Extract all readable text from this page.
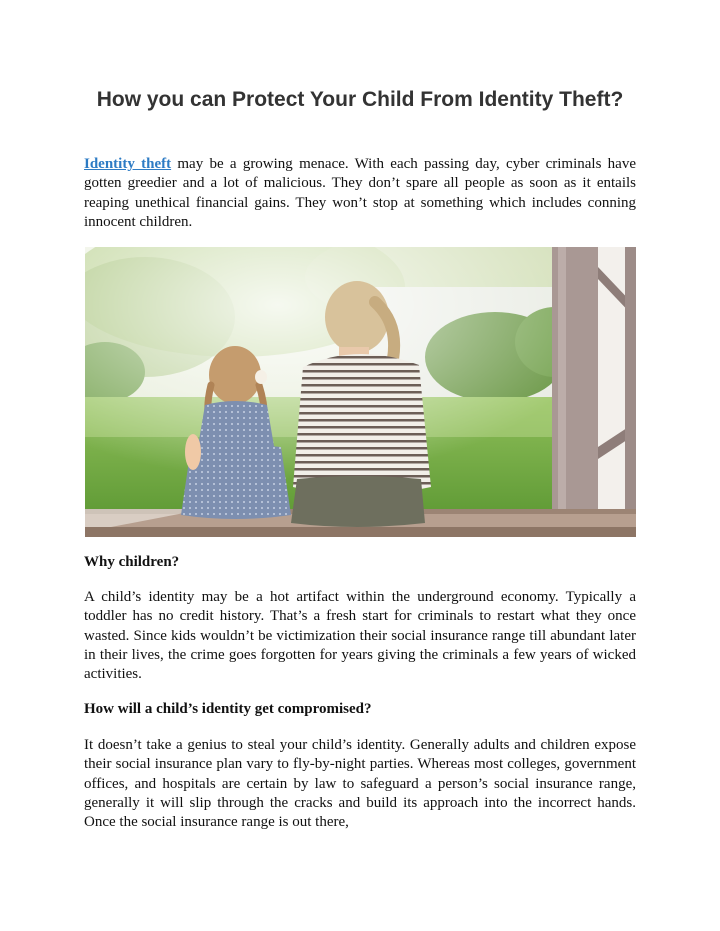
How you can Protect Your Child From Identity Theft?

Identity theft may be a growing menace. With each passing day, cyber criminals have gotten greedier and a lot of malicious. They don’t spare all people as soon as it entails reaping unethical financial gains. They won’t stop at something which includes conning innocent children.

Why children?

A child’s identity may be a hot artifact within the underground economy. Typically a toddler has no credit history. That’s a fresh start for criminals to restart what they once wasted. Since kids wouldn’t be victimization their social insurance range till abundant later in their lives, the crime goes forgotten for years giving the criminals a few years of wicked activities.

How will a child’s identity get compromised?

It doesn’t take a genius to steal your child’s identity. Generally adults and children expose their social insurance plan vary to fly-by-night parties. Whereas most colleges, government offices, and hospitals are certain by law to safeguard a person’s social insurance range, generally it will slip through the cracks and build its approach into the incorrect hands. Once the social insurance range is out there,
